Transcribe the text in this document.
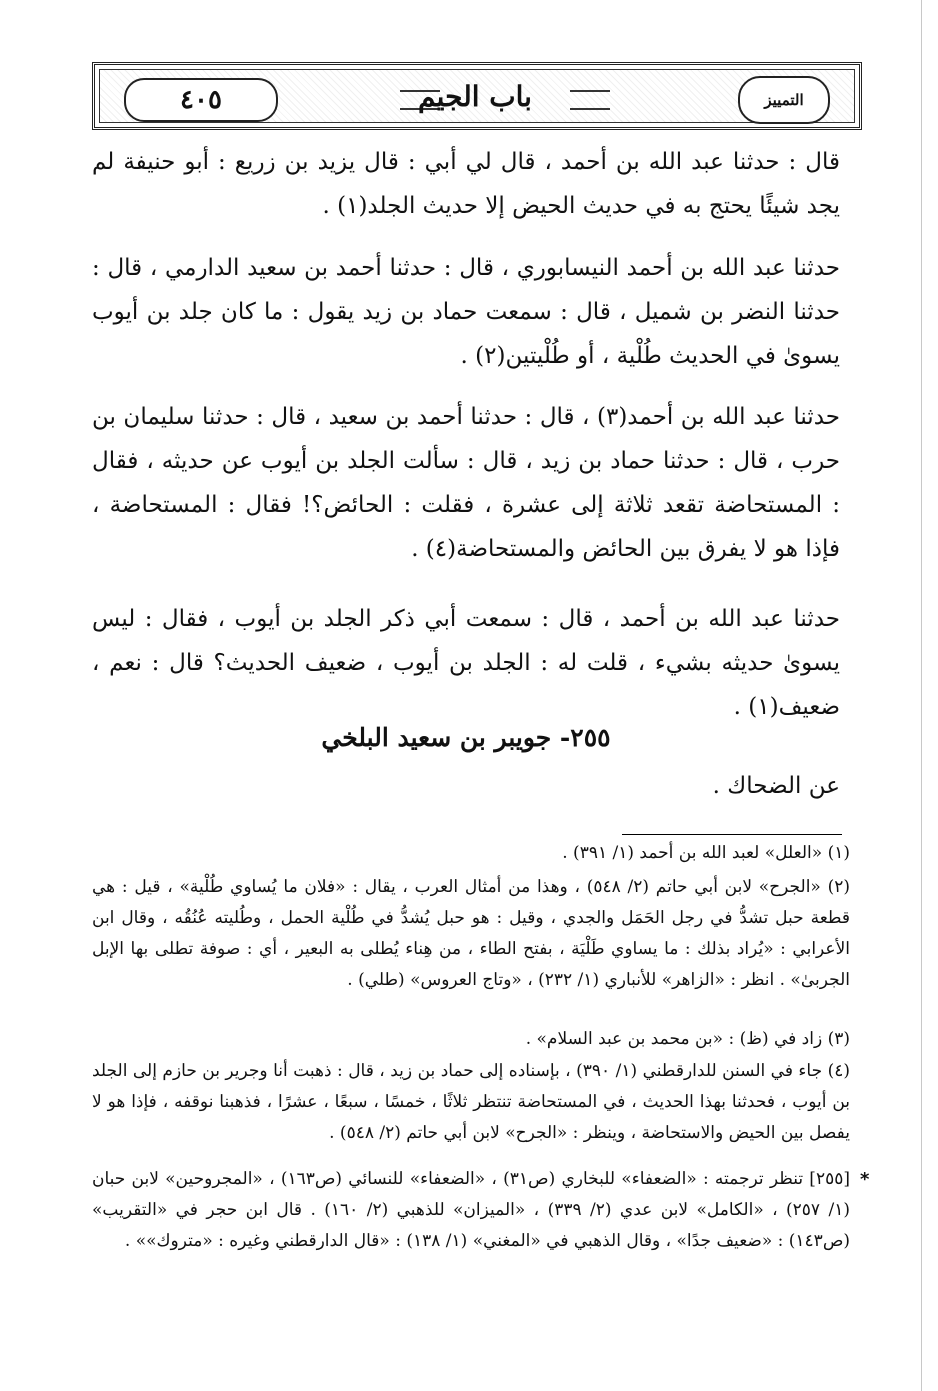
٤٠٥	باب الجيم	التمييز

قال : حدثنا عبد الله بن أحمد ، قال لي أبي : قال يزيد بن زريع : أبو حنيفة لم يجد شيئًا يحتج به في حديث الحيض إلا حديث الجلد(١) .

حدثنا عبد الله بن أحمد النيسابوري ، قال : حدثنا أحمد بن سعيد الدارمي ، قال : حدثنا النضر بن شميل ، قال : سمعت حماد بن زيد يقول : ما كان جلد بن أيوب يسوىٰ في الحديث طُلْية ، أو طُلْيتين(٢) .

حدثنا عبد الله بن أحمد(٣) ، قال : حدثنا أحمد بن سعيد ، قال : حدثنا سليمان بن حرب ، قال : حدثنا حماد بن زيد ، قال : سألت الجلد بن أيوب عن حديثه ، فقال : المستحاضة تقعد ثلاثة إلى عشرة ، فقلت : الحائض؟! فقال : المستحاضة ، فإذا هو لا يفرق بين الحائض والمستحاضة(٤) .

حدثنا عبد الله بن أحمد ، قال : سمعت أبي ذكر الجلد بن أيوب ، فقال : ليس يسوىٰ حديثه بشيء ، قلت له : الجلد بن أيوب ، ضعيف الحديث؟ قال : نعم ، ضعيف(١) .

٢٥٥- جويبر بن سعيد البلخي

عن الضحاك .

(١) «العلل» لعبد الله بن أحمد (١/ ٣٩١) .

(٢) «الجرح» لابن أبي حاتم (٢/ ٥٤٨) ، وهذا من أمثال العرب ، يقال : «فلان ما يُساوي طُلْية» ، قيل : هي قطعة حبل تشدُّ في رجل الحَمَل والجدي ، وقيل : هو حبل يُشدُّ في طُلْية الحمل ، وطُليته عُنُقُه ، وقال ابن الأعرابي : «يُراد بذلك : ما يساوي طَلْيَة ، بفتح الطاء ، من هِناء يُطلى به البعير ، أي : صوفة تطلى بها الإبل الجربىٰ» . انظر : «الزاهر» للأنباري (١/ ٢٣٢) ، «وتاج العروس» (طلي) .

(٣) زاد في (ظ) : «بن محمد بن عبد السلام» .

(٤) جاء في السنن للدارقطني (١/ ٣٩٠) ، بإسناده إلى حماد بن زيد ، قال : ذهبت أنا وجرير بن حازم إلى الجلد بن أيوب ، فحدثنا بهذا الحديث ، في المستحاضة تنتظر ثلاثًا ، خمسًا ، سبعًا ، عشرًا ، فذهبنا نوقفه ، فإذا هو لا يفصل بين الحيض والاستحاضة ، وينظر : «الجرح» لابن أبي حاتم (٢/ ٥٤٨) .

*

[٢٥٥] تنظر ترجمته : «الضعفاء» للبخاري (ص٣١) ، «الضعفاء» للنسائي (ص١٦٣) ، «المجروحين» لابن حبان (١/ ٢٥٧) ، «الكامل» لابن عدي (٢/ ٣٣٩) ، «الميزان» للذهبي (٢/ ١٦٠) . قال ابن حجر في «التقريب» (ص١٤٣) : «ضعيف جدًا» ، وقال الذهبي في «المغني» (١/ ١٣٨) : «قال الدارقطني وغيره : «متروك»» .
